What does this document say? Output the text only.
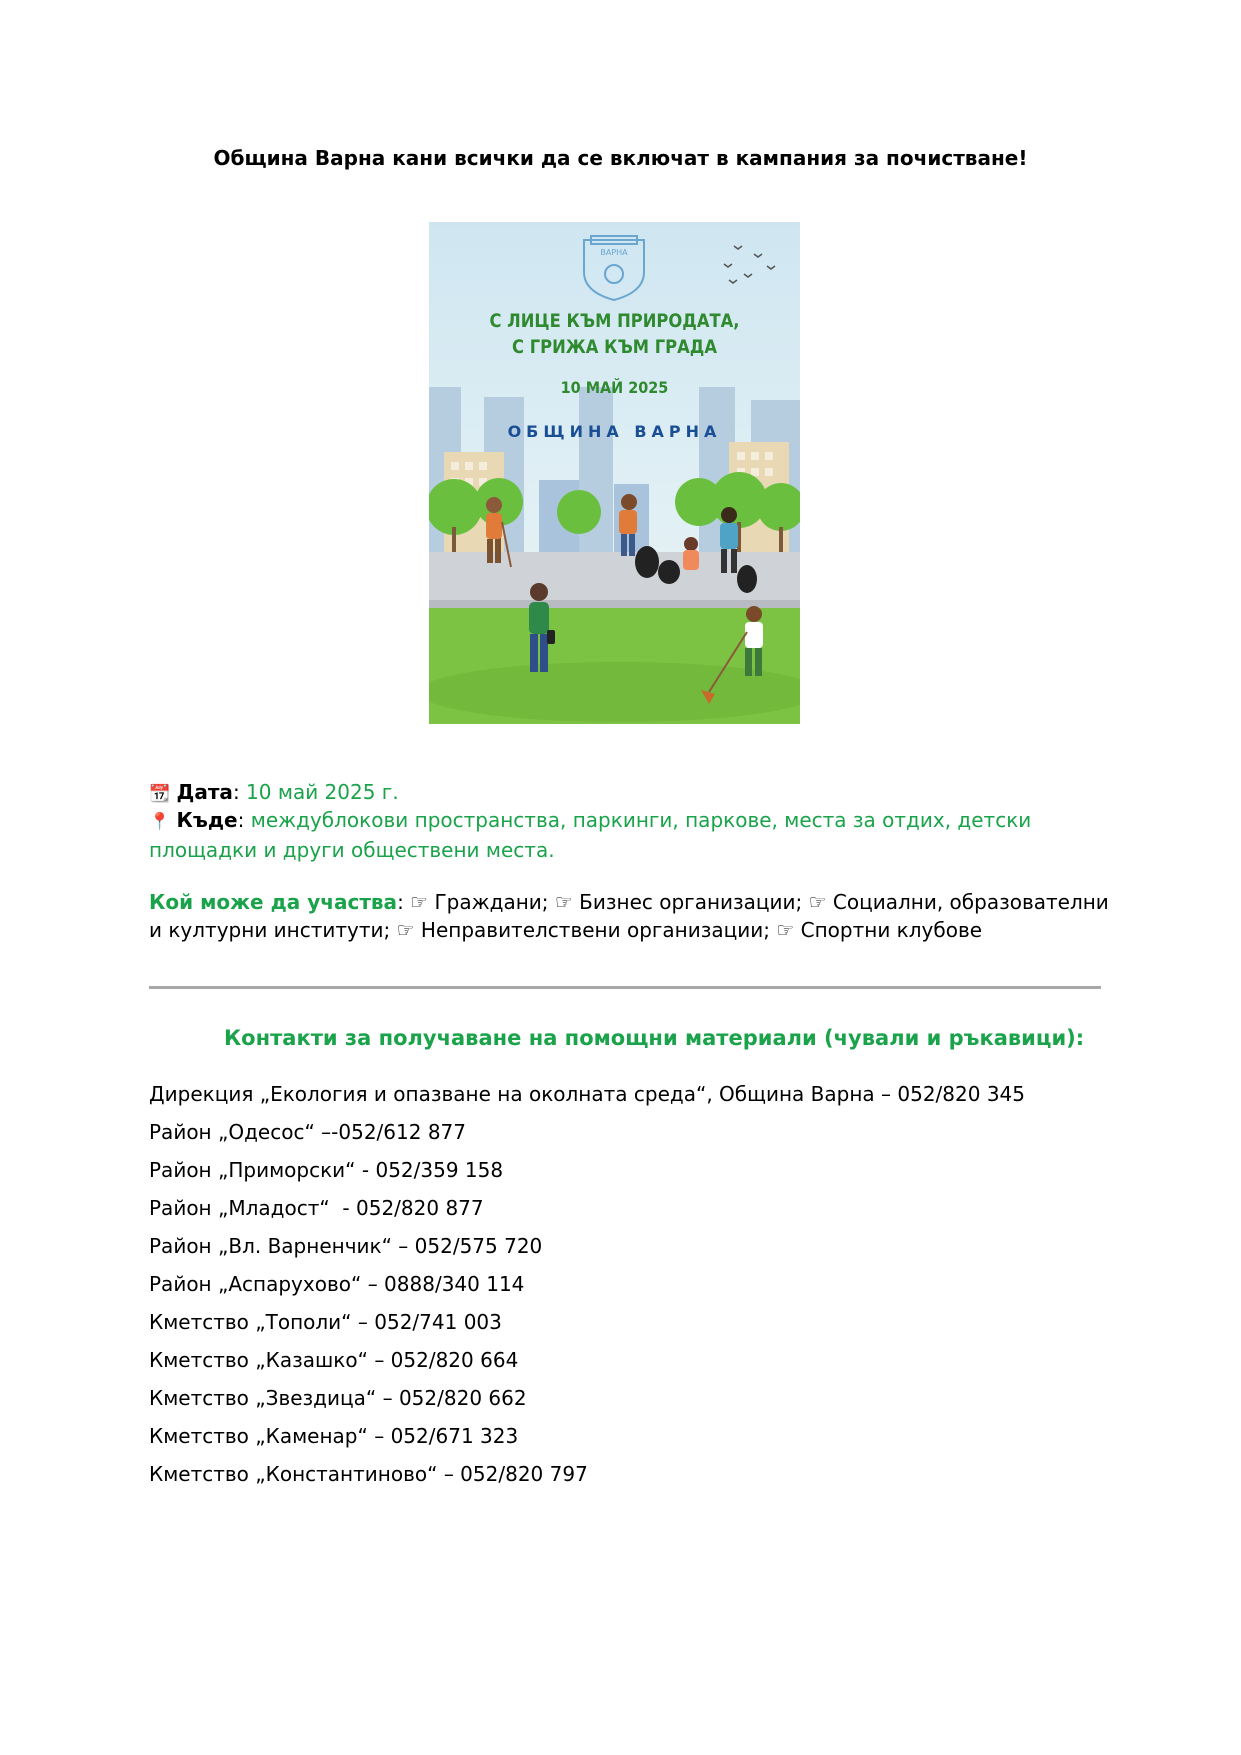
Община Варна кани всички да се включат в кампания за почистване!
ВАРНА
С ЛИЦЕ КЪМ ПРИРОДАТА,
С ГРИЖА КЪМ ГРАДА
10 МАЙ 2025
ОБЩИНА ВАРНА
📆 Дата: 10 май 2025 г.
📍 Къде: междублокови пространства, паркинги, паркове, места за отдих, детски площадки и други обществени места.
Кой може да участва: ☞ Граждани; ☞ Бизнес организации; ☞ Социални, образователни и културни институти; ☞ Неправителствени организации; ☞ Спортни клубове
Контакти за получаване на помощни материали (чували и ръкавици):
Дирекция „Екология и опазване на околната среда“, Община Варна – 052/820 345
Район „Одесос“ –-052/612 877
Район „Приморски“ - 052/359 158
Район „Младост“  - 052/820 877
Район „Вл. Варненчик“ – 052/575 720
Район „Аспарухово“ – 0888/340 114
Кметство „Тополи“ – 052/741 003
Кметство „Казашко“ – 052/820 664
Кметство „Звездица“ – 052/820 662
Кметство „Каменар“ – 052/671 323
Кметство „Константиново“ – 052/820 797
